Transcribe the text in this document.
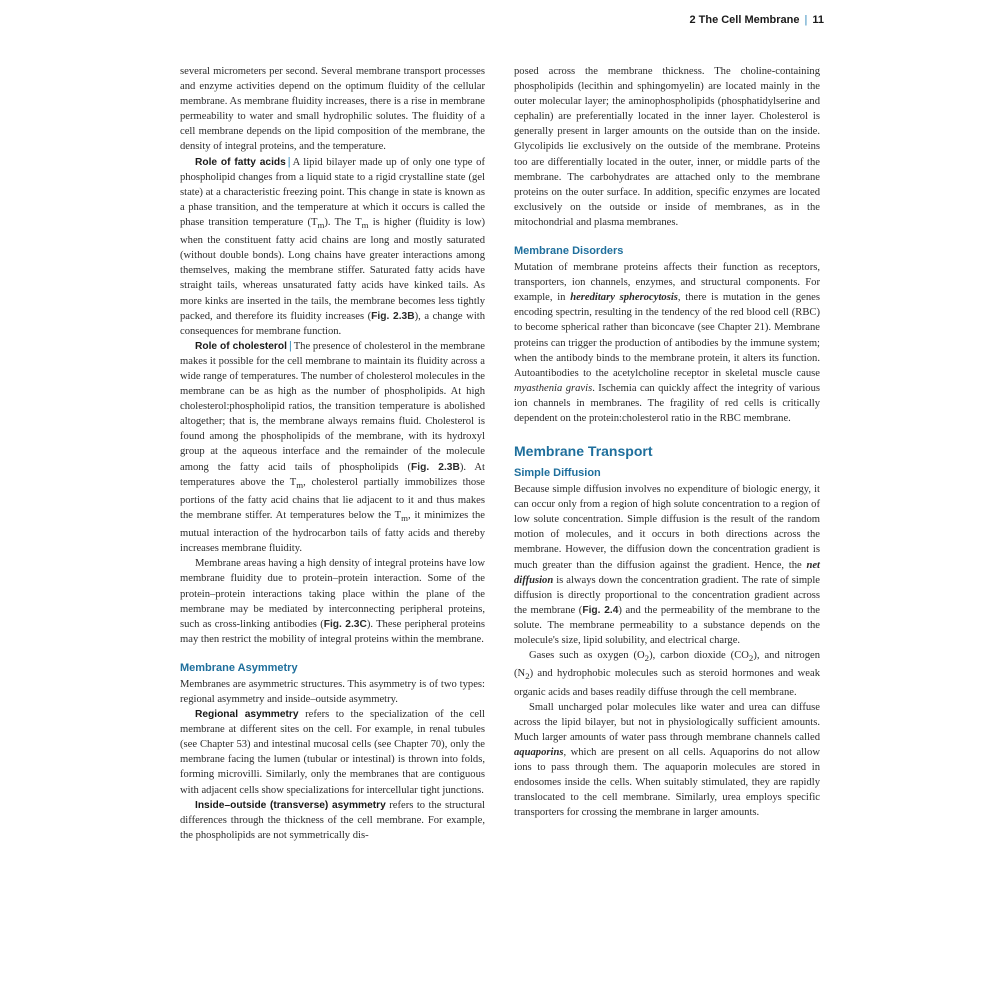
2 The Cell Membrane | 11

several micrometers per second. Several membrane transport processes and enzyme activities depend on the optimum fluidity of the cellular membrane. As membrane fluidity increases, there is a rise in membrane permeability to water and small hydrophilic solutes. The fluidity of a cell membrane depends on the lipid composition of the membrane, the density of integral proteins, and the temperature.

Role of fatty acids | A lipid bilayer made up of only one type of phospholipid changes from a liquid state to a rigid crystalline state (gel state) at a characteristic freezing point. This change in state is known as a phase transition, and the temperature at which it occurs is called the phase transition temperature $(T_m)$. The $T_m$ is higher (fluidity is low) when the constituent fatty acid chains are long and mostly saturated (without double bonds). Long chains have greater interactions among themselves, making the membrane stiffer. Saturated fatty acids have straight tails, whereas unsaturated fatty acids have kinked tails. As more kinks are inserted in the tails, the membrane becomes less tightly packed, and therefore its fluidity increases (Fig. 2.3B), a change with consequences for membrane function.

Role of cholesterol | The presence of cholesterol in the membrane makes it possible for the cell membrane to maintain its fluidity across a wide range of temperatures. The number of cholesterol molecules in the membrane can be as high as the number of phospholipids. At high cholesterol:phospholipid ratios, the transition temperature is abolished altogether; that is, the membrane always remains fluid. Cholesterol is found among the phospholipids of the membrane, with its hydroxyl group at the aqueous interface and the remainder of the molecule among the fatty acid tails of phospholipids (Fig. 2.3B). At temperatures above the $T_m$, cholesterol partially immobilizes those portions of the fatty acid chains that lie adjacent to it and thus makes the membrane stiffer. At temperatures below the $T_m$, it minimizes the mutual interaction of the hydrocarbon tails of fatty acids and thereby increases membrane fluidity.

Membrane areas having a high density of integral proteins have low membrane fluidity due to protein–protein interaction. Some of the protein–protein interactions taking place within the plane of the membrane may be mediated by interconnecting peripheral proteins, such as cross-linking antibodies (Fig. 2.3C). These peripheral proteins may then restrict the mobility of integral proteins within the membrane.

Membrane Asymmetry

Membranes are asymmetric structures. This asymmetry is of two types: regional asymmetry and inside–outside asymmetry.

Regional asymmetry refers to the specialization of the cell membrane at different sites on the cell. For example, in renal tubules (see Chapter 53) and intestinal mucosal cells (see Chapter 70), only the membrane facing the lumen (tubular or intestinal) is thrown into folds, forming microvilli. Similarly, only the membranes that are contiguous with adjacent cells show specializations for intercellular tight junctions.

Inside–outside (transverse) asymmetry refers to the structural differences through the thickness of the cell membrane. For example, the phospholipids are not symmetrically dis-

posed across the membrane thickness. The choline-containing phospholipids (lecithin and sphingomyelin) are located mainly in the outer molecular layer; the aminophospholipids (phosphatidylserine and cephalin) are preferentially located in the inner layer. Cholesterol is generally present in larger amounts on the outside than on the inside. Glycolipids lie exclusively on the outside of the membrane. Proteins too are differentially located in the outer, inner, or middle parts of the membrane. The carbohydrates are attached only to the membrane proteins on the outer surface. In addition, specific enzymes are located exclusively on the outside or inside of membranes, as in the mitochondrial and plasma membranes.

Membrane Disorders

Mutation of membrane proteins affects their function as receptors, transporters, ion channels, enzymes, and structural components. For example, in hereditary spherocytosis, there is mutation in the genes encoding spectrin, resulting in the tendency of the red blood cell (RBC) to become spherical rather than biconcave (see Chapter 21). Membrane proteins can trigger the production of antibodies by the immune system; when the antibody binds to the membrane protein, it alters its function. Autoantibodies to the acetylcholine receptor in skeletal muscle cause myasthenia gravis. Ischemia can quickly affect the integrity of various ion channels in membranes. The fragility of red cells is critically dependent on the protein:cholesterol ratio in the RBC membrane.

Membrane Transport
Simple Diffusion

Because simple diffusion involves no expenditure of biologic energy, it can occur only from a region of high solute concentration to a region of low solute concentration. Simple diffusion is the result of the random motion of molecules, and it occurs in both directions across the membrane. However, the diffusion down the concentration gradient is much greater than the diffusion against the gradient. Hence, the net diffusion is always down the concentration gradient. The rate of simple diffusion is directly proportional to the concentration gradient across the membrane (Fig. 2.4) and the permeability of the membrane to the solute. The membrane permeability to a substance depends on the molecule's size, lipid solubility, and electrical charge.

Gases such as oxygen $(O_2)$, carbon dioxide $(CO_2)$, and nitrogen $(N_2)$ and hydrophobic molecules such as steroid hormones and weak organic acids and bases readily diffuse through the cell membrane.

Small uncharged polar molecules like water and urea can diffuse across the lipid bilayer, but not in physiologically sufficient amounts. Much larger amounts of water pass through membrane channels called aquaporins, which are present on all cells. Aquaporins do not allow ions to pass through them. The aquaporin molecules are stored in endosomes inside the cells. When suitably stimulated, they are rapidly translocated to the cell membrane. Similarly, urea employs specific transporters for crossing the membrane in larger amounts.
